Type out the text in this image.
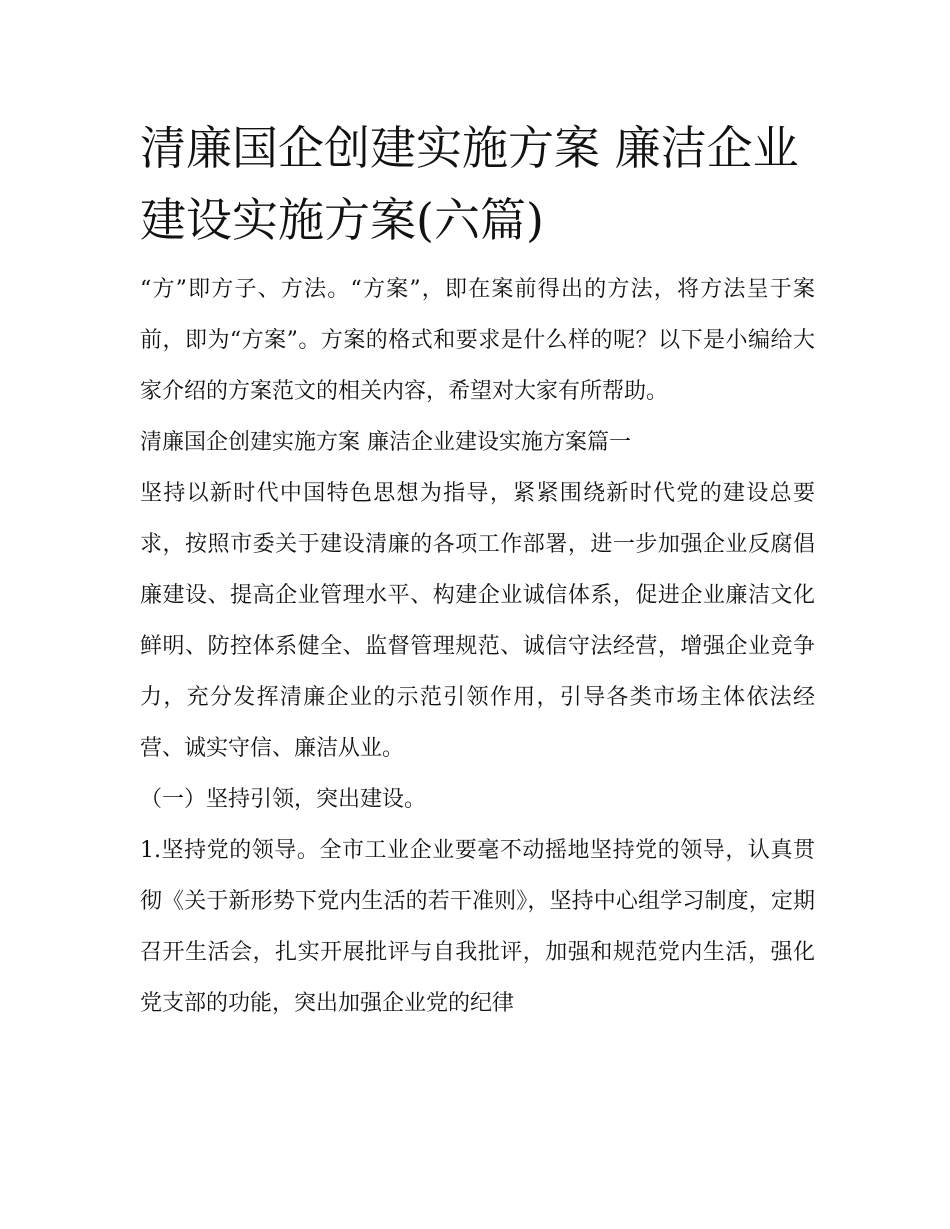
清廉国企创建实施方案 廉洁企业建设实施方案(六篇)

“方”即方子、方法。“方案”，即在案前得出的方法，将方法呈于案前，即为“方案”。方案的格式和要求是什么样的呢？以下是小编给大家介绍的方案范文的相关内容，希望对大家有所帮助。

清廉国企创建实施方案 廉洁企业建设实施方案篇一

坚持以新时代中国特色思想为指导，紧紧围绕新时代党的建设总要求，按照市委关于建设清廉的各项工作部署，进一步加强企业反腐倡廉建设、提高企业管理水平、构建企业诚信体系，促进企业廉洁文化鲜明、防控体系健全、监督管理规范、诚信守法经营，增强企业竞争力，充分发挥清廉企业的示范引领作用，引导各类市场主体依法经营、诚实守信、廉洁从业。

（一）坚持引领，突出建设。

1.坚持党的领导。全市工业企业要毫不动摇地坚持党的领导，认真贯彻《关于新形势下党内生活的若干准则》，坚持中心组学习制度，定期召开生活会，扎实开展批评与自我批评，加强和规范党内生活，强化党支部的功能，突出加强企业党的纪律
